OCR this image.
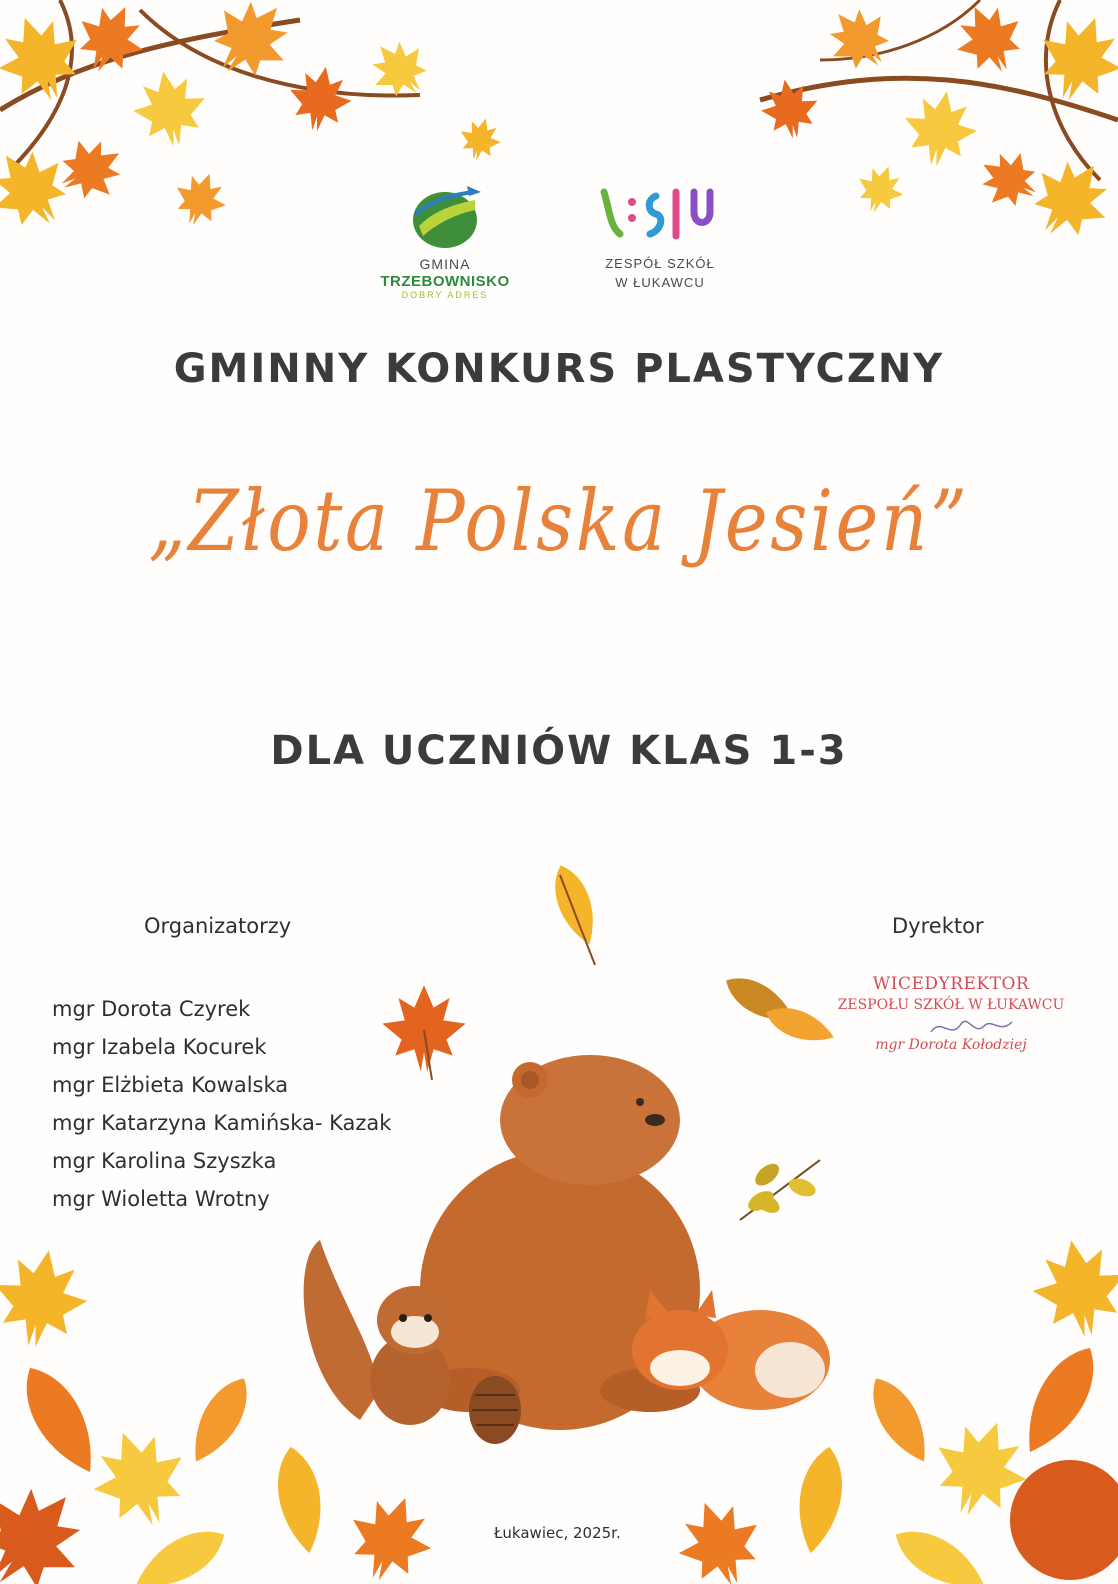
GMINA
TRZEBOWNISKO
DOBRY ADRES
ZESPÓŁ SZKÓŁ
W ŁUKAWCU
GMINNY KONKURS PLASTYCZNY
„Złota Polska Jesień”
DLA UCZNIÓW KLAS 1-3
Organizatorzy	Dyrektor
mgr Dorota Czyrek
mgr Izabela Kocurek
mgr Elżbieta Kowalska
mgr Katarzyna Kamińska- Kazak
mgr Karolina Szyszka
mgr Wioletta Wrotny
WICEDYREKTOR
ZESPOŁU SZKÓŁ W ŁUKAWCU
mgr Dorota Kołodziej
Łukawiec, 2025r.
